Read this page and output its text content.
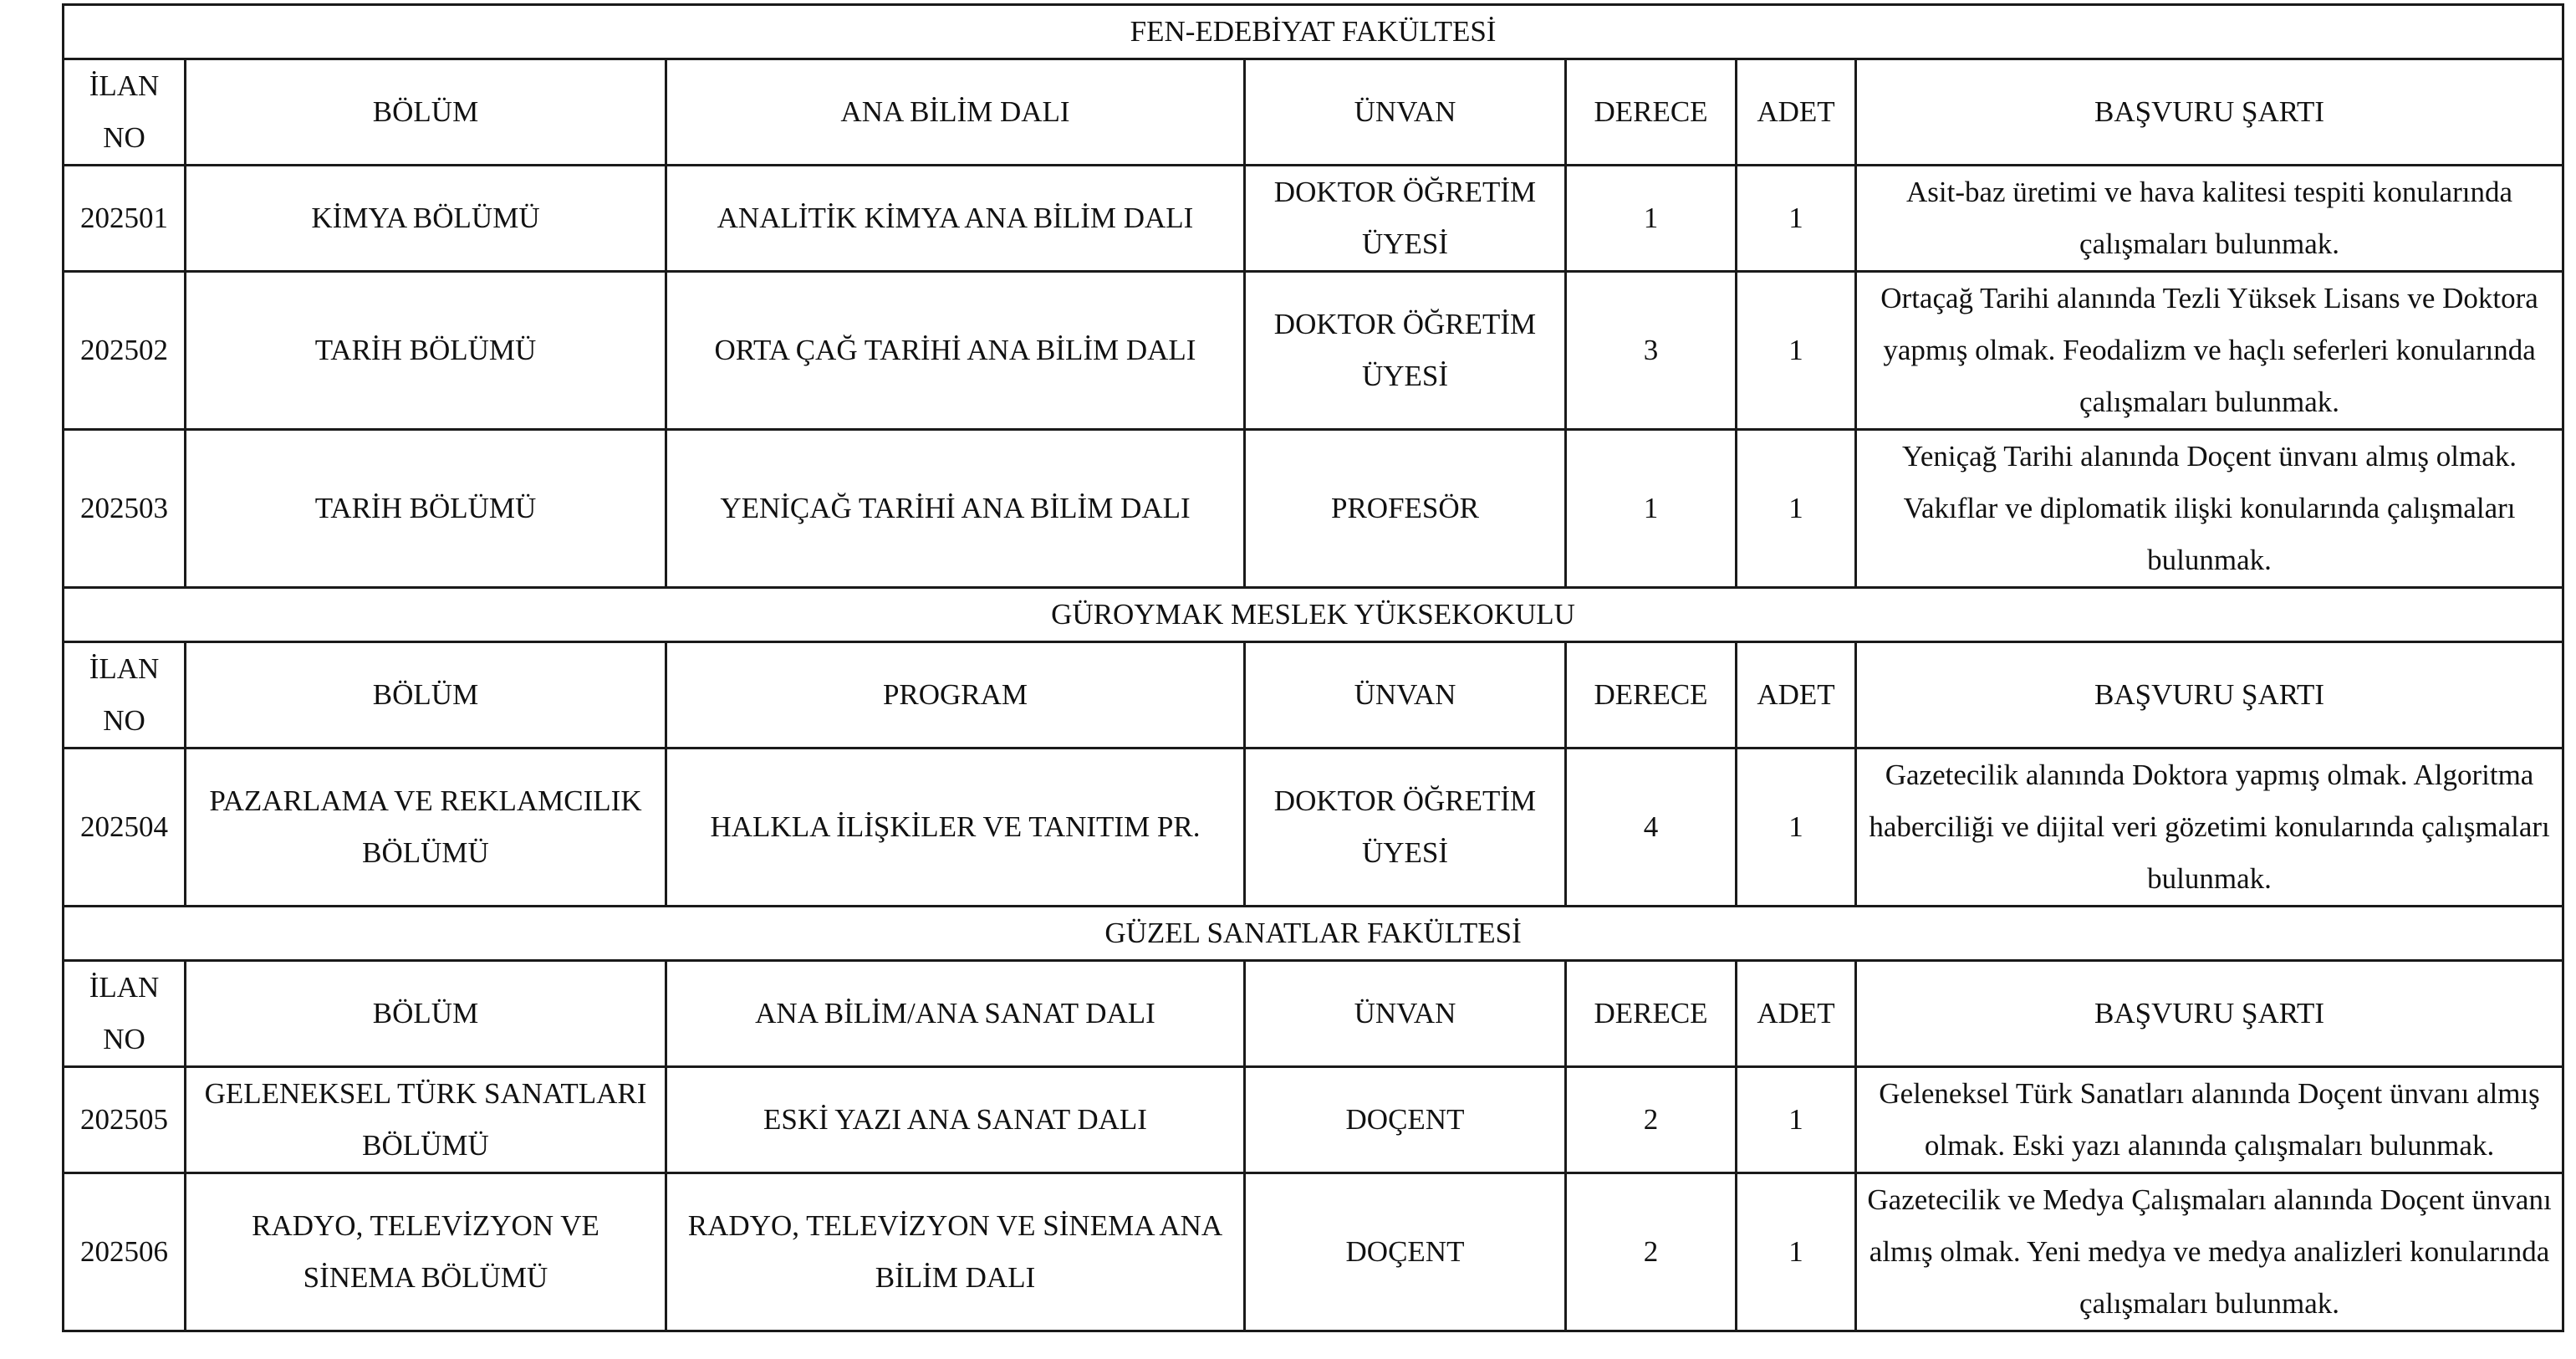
FEN-EDEBİYAT FAKÜLTESİ						
İLAN NO	BÖLÜM	ANA BİLİM DALI	ÜNVAN	DERECE	ADET	BAŞVURU ŞARTI
202501	KİMYA BÖLÜMÜ	ANALİTİK KİMYA ANA BİLİM DALI	DOKTOR ÖĞRETİM ÜYESİ	1	1	Asit-baz üretimi ve hava kalitesi tespiti konularında çalışmaları bulunmak.
202502	TARİH BÖLÜMÜ	ORTA ÇAĞ TARİHİ ANA BİLİM DALI	DOKTOR ÖĞRETİM ÜYESİ	3	1	Ortaçağ Tarihi alanında Tezli Yüksek Lisans ve Doktora yapmış olmak. Feodalizm ve haçlı seferleri konularında çalışmaları bulunmak.
202503	TARİH BÖLÜMÜ	YENİÇAĞ TARİHİ ANA BİLİM DALI	PROFESÖR	1	1	Yeniçağ Tarihi alanında Doçent ünvanı almış olmak. Vakıflar ve diplomatik ilişki konularında çalışmaları bulunmak.
GÜROYMAK MESLEK YÜKSEKOKULU						
İLAN NO	BÖLÜM	PROGRAM	ÜNVAN	DERECE	ADET	BAŞVURU ŞARTI
202504	PAZARLAMA VE REKLAMCILIK BÖLÜMÜ	HALKLA İLİŞKİLER VE TANITIM PR.	DOKTOR ÖĞRETİM ÜYESİ	4	1	Gazetecilik alanında Doktora yapmış olmak. Algoritma haberciliği ve dijital veri gözetimi konularında çalışmaları bulunmak.
GÜZEL SANATLAR FAKÜLTESİ						
İLAN NO	BÖLÜM	ANA BİLİM/ANA SANAT DALI	ÜNVAN	DERECE	ADET	BAŞVURU ŞARTI
202505	GELENEKSEL TÜRK SANATLARI BÖLÜMÜ	ESKİ YAZI ANA SANAT DALI	DOÇENT	2	1	Geleneksel Türk Sanatları alanında Doçent ünvanı almış olmak. Eski yazı alanında çalışmaları bulunmak.
202506	RADYO, TELEVİZYON VE SİNEMA BÖLÜMÜ	RADYO, TELEVİZYON VE SİNEMA ANA BİLİM DALI	DOÇENT	2	1	Gazetecilik ve Medya Çalışmaları alanında Doçent ünvanı almış olmak. Yeni medya ve medya analizleri konularında çalışmaları bulunmak.
